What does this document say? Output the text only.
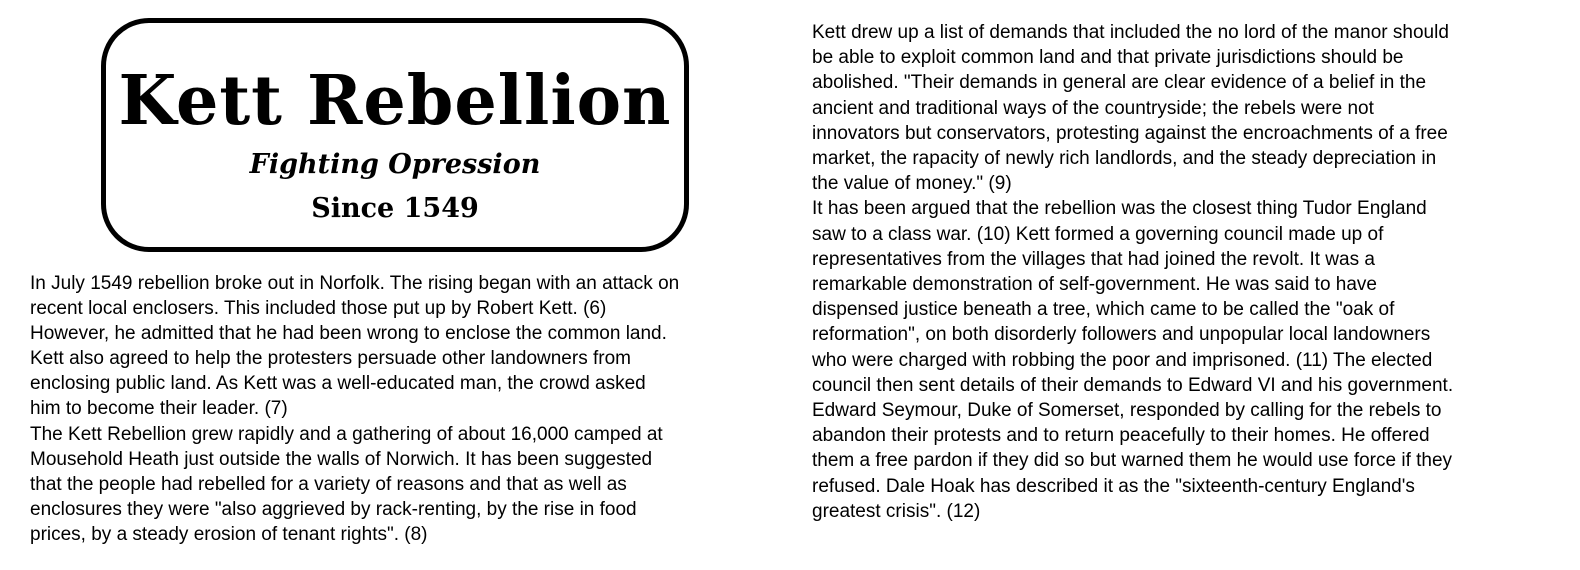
Kett Rebellion
Fighting Opression
Since 1549

In July 1549 rebellion broke out in Norfolk. The rising began with an attack on
recent local enclosers. This included those put up by Robert Kett. (6)
However, he admitted that he had been wrong to enclose the common land.
Kett also agreed to help the protesters persuade other landowners from
enclosing public land. As Kett was a well-educated man, the crowd asked
him to become their leader. (7)

The Kett Rebellion grew rapidly and a gathering of about 16,000 camped at
Mousehold Heath just outside the walls of Norwich. It has been suggested
that the people had rebelled for a variety of reasons and that as well as
enclosures they were "also aggrieved by rack-renting, by the rise in food
prices, by a steady erosion of tenant rights". (8)

Kett drew up a list of demands that included the no lord of the manor should
be able to exploit common land and that private jurisdictions should be
abolished. "Their demands in general are clear evidence of a belief in the
ancient and traditional ways of the countryside; the rebels were not
innovators but conservators, protesting against the encroachments of a free
market, the rapacity of newly rich landlords, and the steady depreciation in
the value of money." (9)

It has been argued that the rebellion was the closest thing Tudor England
saw to a class war. (10) Kett formed a governing council made up of
representatives from the villages that had joined the revolt. It was a
remarkable demonstration of self-government. He was said to have
dispensed justice beneath a tree, which came to be called the "oak of
reformation", on both disorderly followers and unpopular local landowners
who were charged with robbing the poor and imprisoned. (11) The elected
council then sent details of their demands to Edward VI and his government.
Edward Seymour, Duke of Somerset, responded by calling for the rebels to
abandon their protests and to return peacefully to their homes. He offered
them a free pardon if they did so but warned them he would use force if they
refused. Dale Hoak has described it as the "sixteenth-century England's
greatest crisis". (12)
